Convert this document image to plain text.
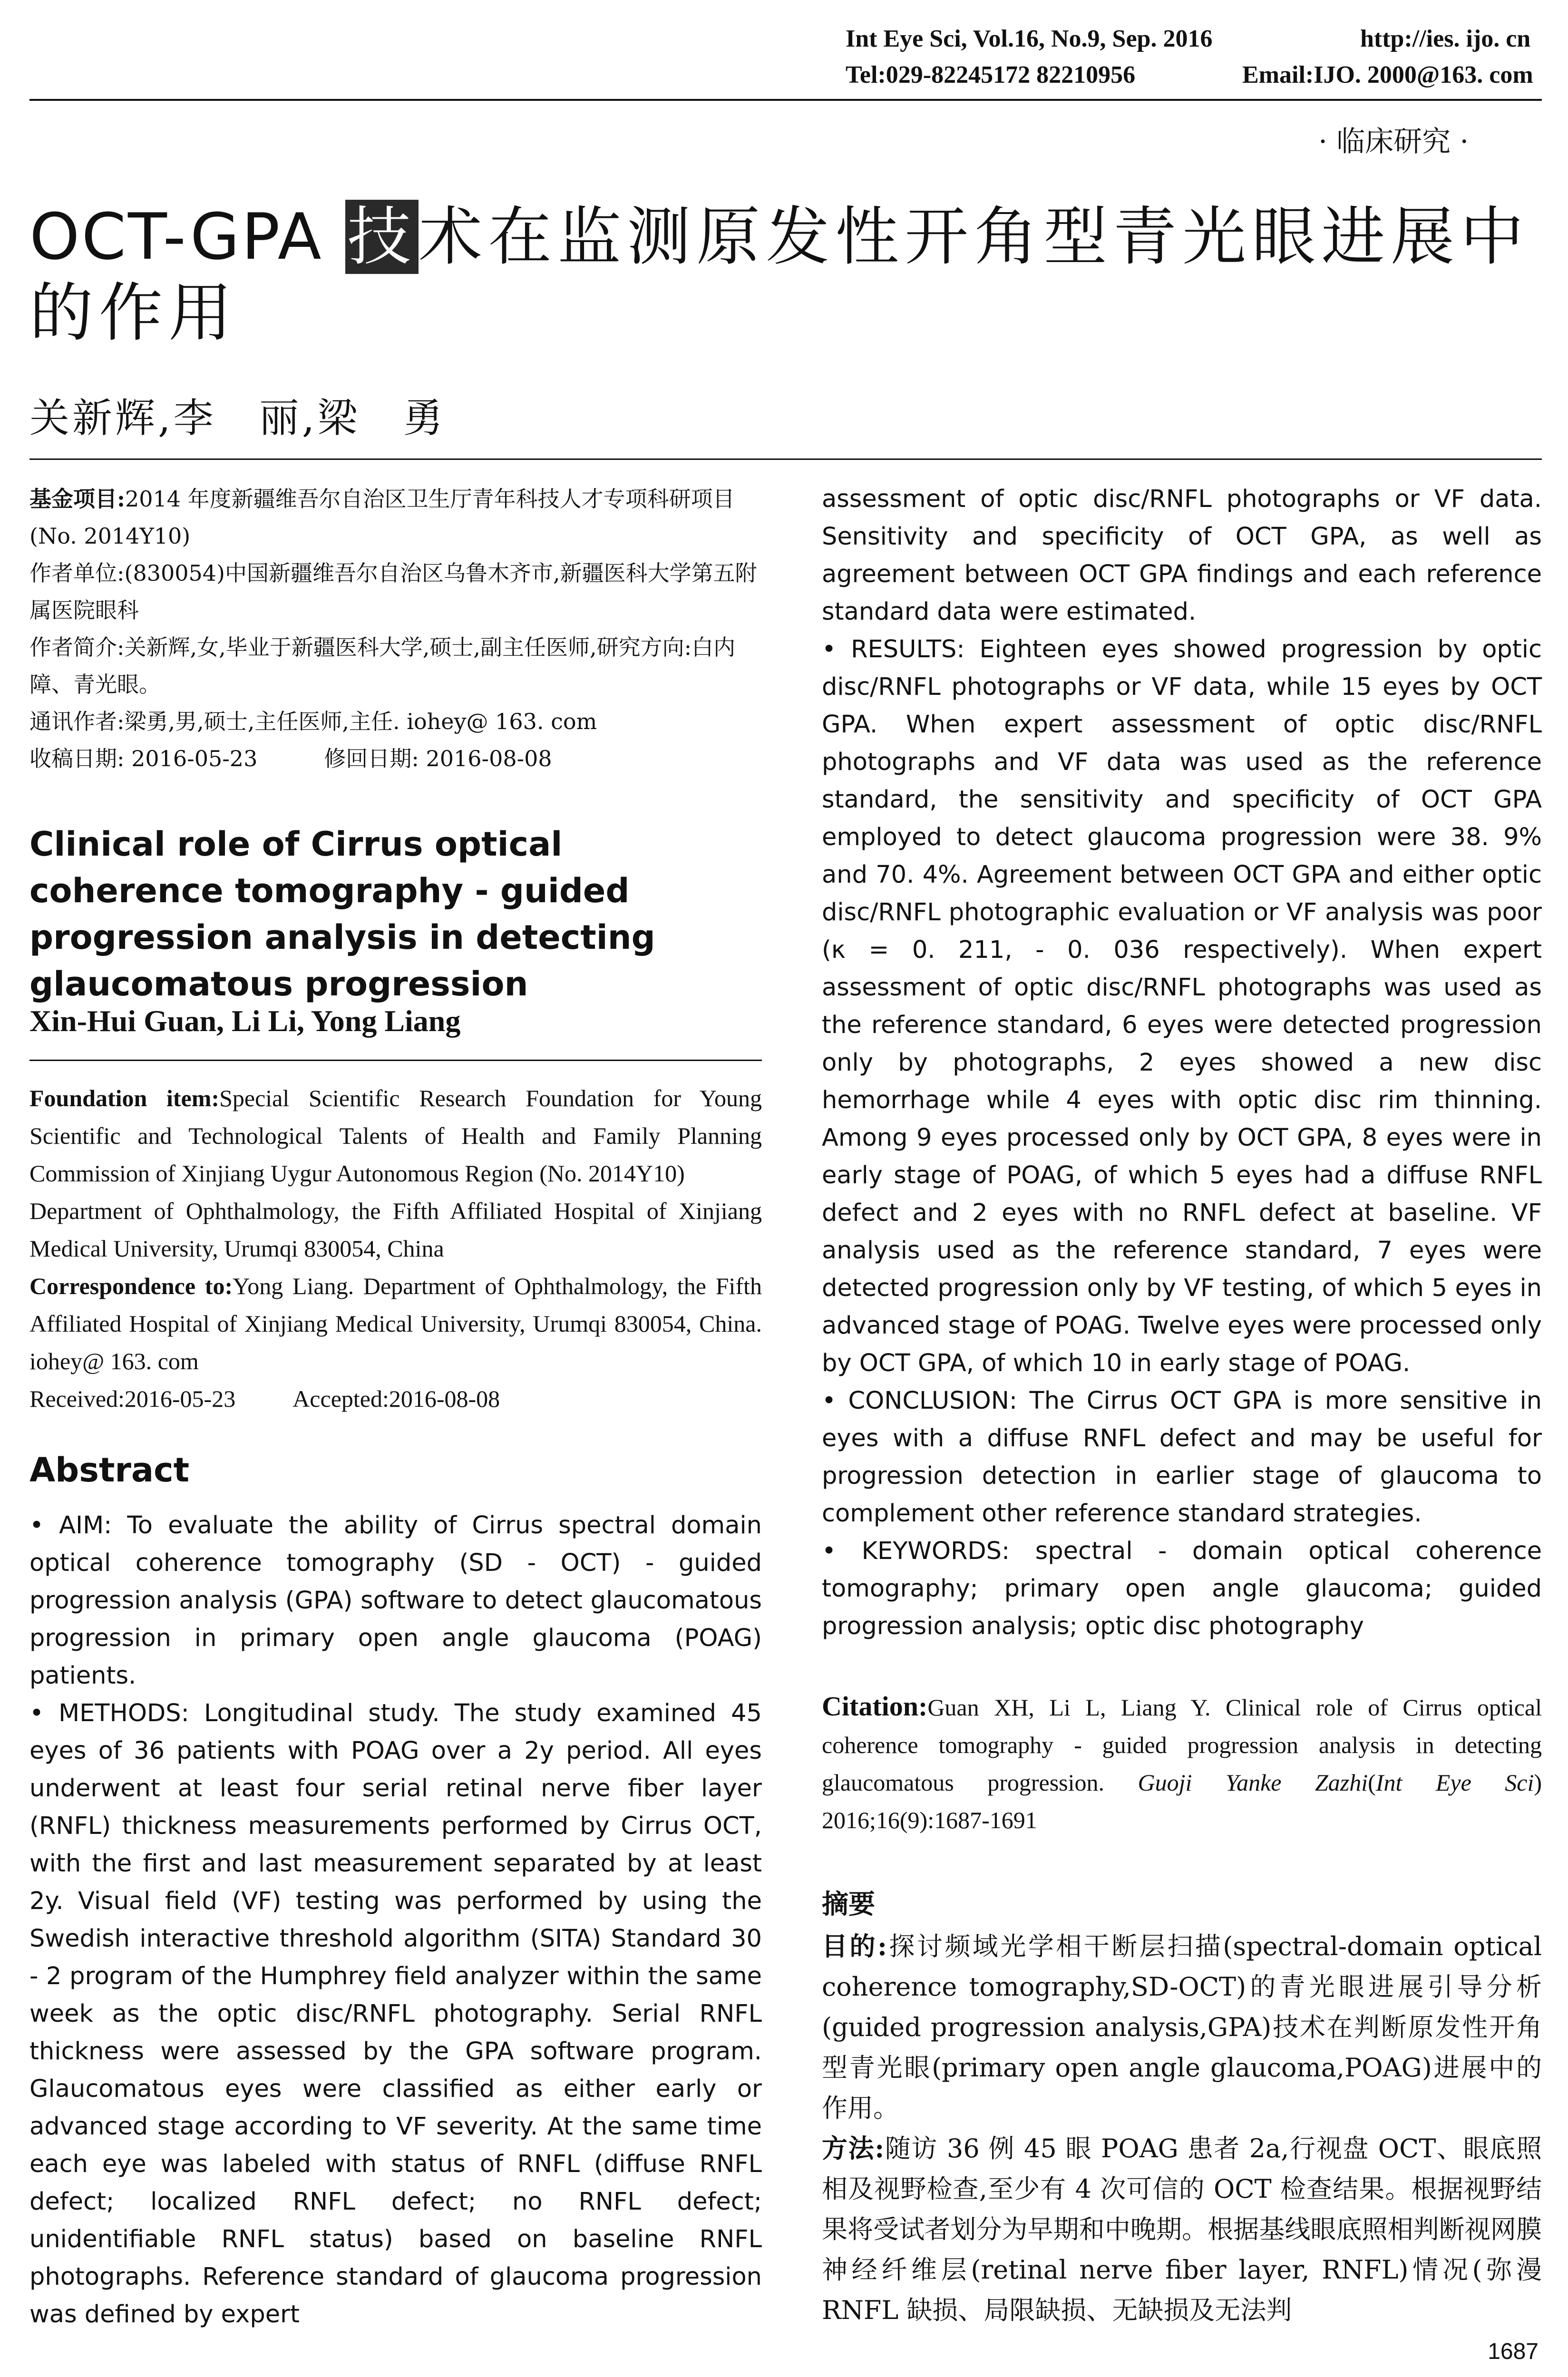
Int Eye Sci, Vol.16, No.9, Sep. 2016	http://ies. ijo. cn
Tel:029-82245172 82210956	Email:IJO. 2000@163. com
· 临床研究 ·
OCT-GPA 技术在监测原发性开角型青光眼进展中的作用
关新辉,李　丽,梁　勇
基金项目:2014 年度新疆维吾尔自治区卫生厅青年科技人才专项科研项目(No. 2014Y10)
作者单位:(830054)中国新疆维吾尔自治区乌鲁木齐市,新疆医科大学第五附属医院眼科
作者简介:关新辉,女,毕业于新疆医科大学,硕士,副主任医师,研究方向:白内障、青光眼。
通讯作者:梁勇,男,硕士,主任医师,主任. iohey@ 163. com
收稿日期: 2016-05-23	修回日期: 2016-08-08
Clinical role of Cirrus optical coherence tomography - guided progression analysis in detecting glaucomatous progression
Xin-Hui Guan, Li Li, Yong Liang

Foundation item:Special Scientific Research Foundation for Young Scientific and Technological Talents of Health and Family Planning Commission of Xinjiang Uygur Autonomous Region (No. 2014Y10)

Department of Ophthalmology, the Fifth Affiliated Hospital of Xinjiang Medical University, Urumqi 830054, China

Correspondence to:Yong Liang. Department of Ophthalmology, the Fifth Affiliated Hospital of Xinjiang Medical University, Urumqi 830054, China. iohey@ 163. com

Received:2016-05-23 Accepted:2016-08-08

Abstract

• AIM: To evaluate the ability of Cirrus spectral domain optical coherence tomography (SD - OCT) - guided progression analysis (GPA) software to detect glaucomatous progression in primary open angle glaucoma (POAG) patients.

• METHODS: Longitudinal study. The study examined 45 eyes of 36 patients with POAG over a 2y period. All eyes underwent at least four serial retinal nerve fiber layer (RNFL) thickness measurements performed by Cirrus OCT, with the first and last measurement separated by at least 2y. Visual field (VF) testing was performed by using the Swedish interactive threshold algorithm (SITA) Standard 30 - 2 program of the Humphrey field analyzer within the same week as the optic disc/RNFL photography. Serial RNFL thickness were assessed by the GPA software program. Glaucomatous eyes were classified as either early or advanced stage according to VF severity. At the same time each eye was labeled with status of RNFL (diffuse RNFL defect; localized RNFL defect; no RNFL defect; unidentifiable RNFL status) based on baseline RNFL photographs. Reference standard of glaucoma progression was defined by expert

assessment of optic disc/RNFL photographs or VF data. Sensitivity and specificity of OCT GPA, as well as agreement between OCT GPA findings and each reference standard data were estimated.

• RESULTS: Eighteen eyes showed progression by optic disc/RNFL photographs or VF data, while 15 eyes by OCT GPA. When expert assessment of optic disc/RNFL photographs and VF data was used as the reference standard, the sensitivity and specificity of OCT GPA employed to detect glaucoma progression were 38. 9% and 70. 4%. Agreement between OCT GPA and either optic disc/RNFL photographic evaluation or VF analysis was poor (κ = 0. 211, - 0. 036 respectively). When expert assessment of optic disc/RNFL photographs was used as the reference standard, 6 eyes were detected progression only by photographs, 2 eyes showed a new disc hemorrhage while 4 eyes with optic disc rim thinning. Among 9 eyes processed only by OCT GPA, 8 eyes were in early stage of POAG, of which 5 eyes had a diffuse RNFL defect and 2 eyes with no RNFL defect at baseline. VF analysis used as the reference standard, 7 eyes were detected progression only by VF testing, of which 5 eyes in advanced stage of POAG. Twelve eyes were processed only by OCT GPA, of which 10 in early stage of POAG.

• CONCLUSION: The Cirrus OCT GPA is more sensitive in eyes with a diffuse RNFL defect and may be useful for progression detection in earlier stage of glaucoma to complement other reference standard strategies.

• KEYWORDS: spectral - domain optical coherence tomography; primary open angle glaucoma; guided progression analysis; optic disc photography

Citation:Guan XH, Li L, Liang Y. Clinical role of Cirrus optical coherence tomography - guided progression analysis in detecting glaucomatous progression. Guoji Yanke Zazhi(Int Eye Sci) 2016;16(9):1687-1691

摘要

目的:探讨频域光学相干断层扫描(spectral-domain optical coherence tomography,SD-OCT)的青光眼进展引导分析(guided progression analysis,GPA)技术在判断原发性开角型青光眼(primary open angle glaucoma,POAG)进展中的作用。

方法:随访 36 例 45 眼 POAG 患者 2a,行视盘 OCT、眼底照相及视野检查,至少有 4 次可信的 OCT 检查结果。根据视野结果将受试者划分为早期和中晚期。根据基线眼底照相判断视网膜神经纤维层(retinal nerve fiber layer, RNFL)情况(弥漫 RNFL 缺损、局限缺损、无缺损及无法判

1687
